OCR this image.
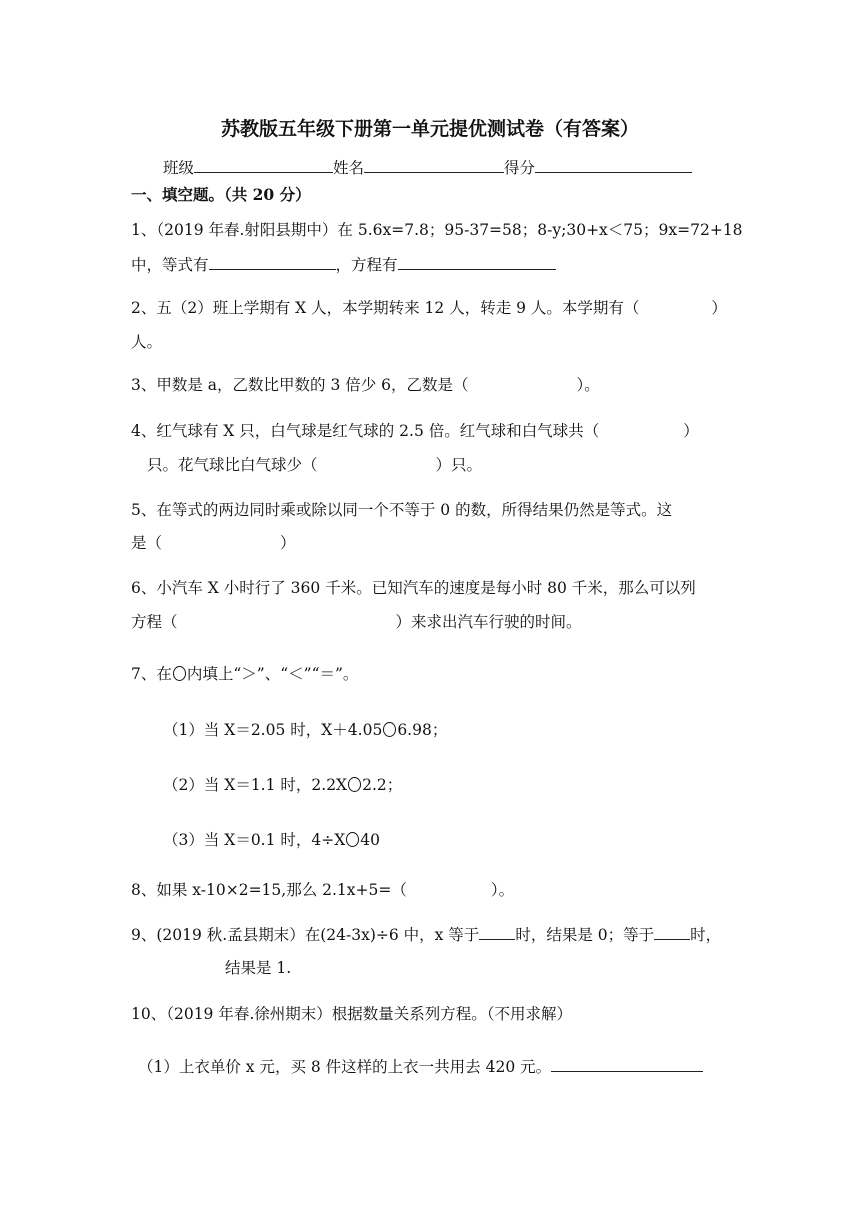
苏教版五年级下册第一单元提优测试卷（有答案）
班级	姓名	得分
一、填空题。（共 20 分）
1、（2019 年春.射阳县期中）在 5.6x=7.8；95-37=58；8-y;30+x＜75；9x=72+18
中，等式有	，方程有
2、五（2）班上学期有 X 人，本学期转来 12 人，转走 9 人。本学期有（	）
人。
3、甲数是 a，乙数比甲数的 3 倍少 6，乙数是（	）。
4、红气球有 X 只，白气球是红气球的 2.5 倍。红气球和白气球共（	）
只。花气球比白气球少（	）只。
5、在等式的两边同时乘或除以同一个不等于 0 的数，所得结果仍然是等式。这
是（	）
6、小汽车 X 小时行了 360 千米。已知汽车的速度是每小时 80 千米，那么可以列
方程（	）来求出汽车行驶的时间。
7、在 内填上“＞”、“＜”“＝”。
（1）当 X＝2.05 时，X＋4.05 6.98；
（2）当 X＝1.1 时，2.2X 2.2；
（3）当 X＝0.1 时，4÷X 40
8、如果 x-10×2=15,那么 2.1x+5=（	）。
9、(2019 秋.孟县期末）在(24-3x)÷6 中，x 等于 时，结果是 0；等于 时，
结果是 1.
10、（2019 年春.徐州期末）根据数量关系列方程。（不用求解）
（1）上衣单价 x 元，买 8 件这样的上衣一共用去 420 元。
